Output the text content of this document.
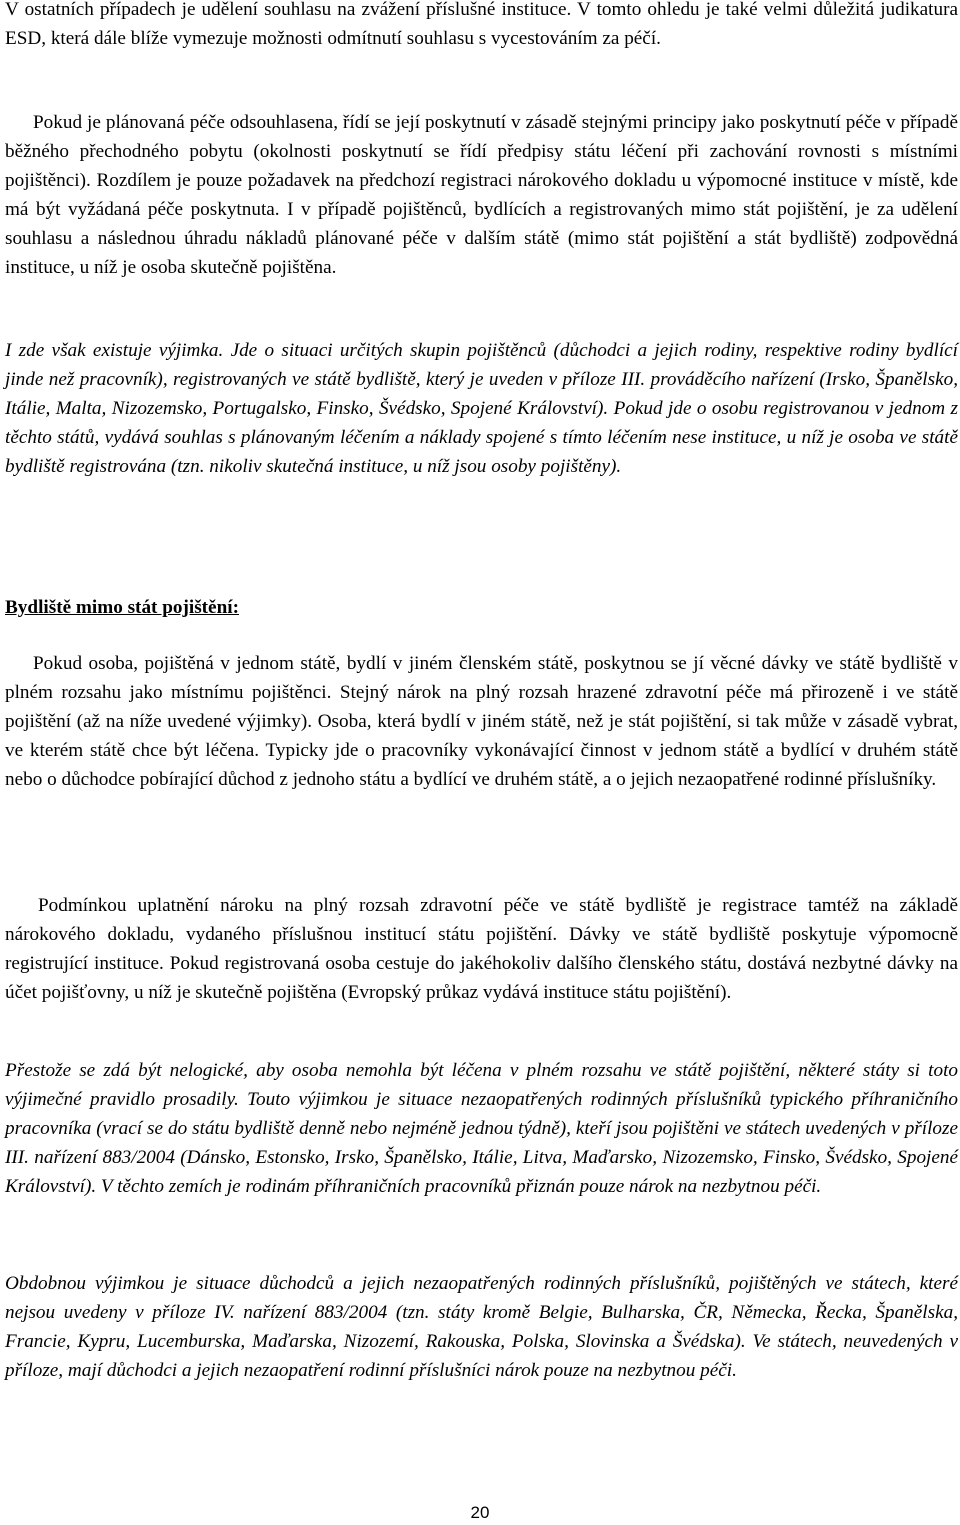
V ostatních případech je udělení souhlasu na zvážení příslušné instituce. V tomto ohledu je také velmi důležitá judikatura ESD, která dále blíže vymezuje možnosti odmítnutí souhlasu s vycestováním za péčí.

Pokud je plánovaná péče odsouhlasena, řídí se její poskytnutí v zásadě stejnými principy jako poskytnutí péče v případě běžného přechodného pobytu (okolnosti poskytnutí se řídí předpisy státu léčení při zachování rovnosti s místními pojištěnci). Rozdílem je pouze požadavek na předchozí registraci nárokového dokladu u výpomocné instituce v místě, kde má být vyžádaná péče poskytnuta. I v případě pojištěnců, bydlících a registrovaných mimo stát pojištění, je za udělení souhlasu a následnou úhradu nákladů plánované péče v dalším státě (mimo stát pojištění a stát bydliště) zodpovědná instituce, u níž je osoba skutečně pojištěna.

I zde však existuje výjimka. Jde o situaci určitých skupin pojištěnců (důchodci a jejich rodiny, respektive rodiny bydlící jinde než pracovník), registrovaných ve státě bydliště, který je uveden v příloze III. prováděcího nařízení (Irsko, Španělsko, Itálie, Malta, Nizozemsko, Portugalsko, Finsko, Švédsko, Spojené Království). Pokud jde o osobu registrovanou v jednom z těchto států, vydává souhlas s plánovaným léčením a náklady spojené s tímto léčením nese instituce, u níž je osoba ve státě bydliště registrována (tzn. nikoliv skutečná instituce, u níž jsou osoby pojištěny).

Bydliště mimo stát pojištění:

Pokud osoba, pojištěná v jednom státě, bydlí v jiném členském státě, poskytnou se jí věcné dávky ve státě bydliště v plném rozsahu jako místnímu pojištěnci. Stejný nárok na plný rozsah hrazené zdravotní péče má přirozeně i ve státě pojištění (až na níže uvedené výjimky). Osoba, která bydlí v jiném státě, než je stát pojištění, si tak může v zásadě vybrat, ve kterém státě chce být léčena. Typicky jde o pracovníky vykonávající činnost v jednom státě a bydlící v druhém státě nebo o důchodce pobírající důchod z jednoho státu a bydlící ve druhém státě, a o jejich nezaopatřené rodinné příslušníky.

Podmínkou uplatnění nároku na plný rozsah zdravotní péče ve státě bydliště je registrace tamtéž na základě nárokového dokladu, vydaného příslušnou institucí státu pojištění. Dávky ve státě bydliště poskytuje výpomocně registrující instituce. Pokud registrovaná osoba cestuje do jakéhokoliv dalšího členského státu, dostává nezbytné dávky na účet pojišťovny, u níž je skutečně pojištěna (Evropský průkaz vydává instituce státu pojištění).

Přestože se zdá být nelogické, aby osoba nemohla být léčena v plném rozsahu ve státě pojištění, některé státy si toto výjimečné pravidlo prosadily. Touto výjimkou je situace nezaopatřených rodinných příslušníků typického příhraničního pracovníka (vrací se do státu bydliště denně nebo nejméně jednou týdně), kteří jsou pojištěni ve státech uvedených v příloze III. nařízení 883/2004 (Dánsko, Estonsko, Irsko, Španělsko, Itálie, Litva, Maďarsko, Nizozemsko, Finsko, Švédsko, Spojené Království). V těchto zemích je rodinám příhraničních pracovníků přiznán pouze nárok na nezbytnou péči.

Obdobnou výjimkou je situace důchodců a jejich nezaopatřených rodinných příslušníků, pojištěných ve státech, které nejsou uvedeny v příloze IV. nařízení 883/2004 (tzn. státy kromě Belgie, Bulharska, ČR, Německa, Řecka, Španělska, Francie, Kypru, Lucemburska, Maďarska, Nizozemí, Rakouska, Polska, Slovinska a Švédska). Ve státech, neuvedených v příloze, mají důchodci a jejich nezaopatření rodinní příslušníci nárok pouze na nezbytnou péči.

20
